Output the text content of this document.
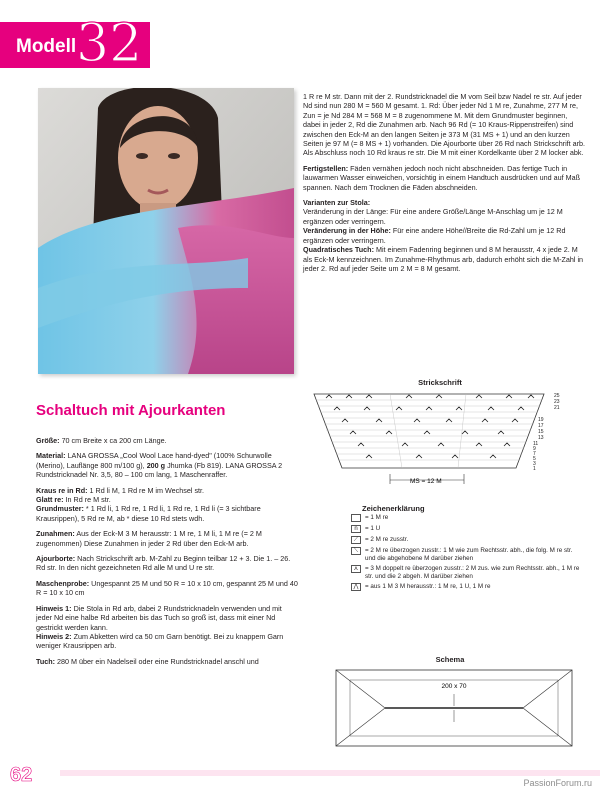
Modell 32

1 R re M str. Dann mit der 2. Rundstricknadel die M vom Seil bzw Nadel re str. Auf jeder Nd sind nun 280 M = 560 M gesamt. 1. Rd: Über jeder Nd 1 M re, Zunahme, 277 M re, Zun = je Nd 284 M = 568 M = 8 zugenommene M. Mit dem Grundmuster beginnen, dabei in jeder 2, Rd die Zunahmen arb. Nach 96 Rd (= 10 Kraus-Rippenstreifen) sind zwischen den Eck-M an den langen Seiten je 373 M (31 MS + 1) und an den kurzen Seiten je 97 M (= 8 MS + 1) vorhanden. Die Ajourborte über 26 Rd nach Strickschrift arb. Als Abschluss noch 10 Rd kraus re str. Die M mit einer Kordelkante über 2 M locker abk.

Fertigstellen: Fäden vernähen jedoch noch nicht abschneiden. Das fertige Tuch in lauwarmen Wasser einweichen, vorsichtig in einem Handtuch ausdrücken und auf Maß spannen. Nach dem Trocknen die Fäden abschneiden.

Varianten zur Stola:
Veränderung in der Länge: Für eine andere Größe/Länge M-Anschlag um je 12 M ergänzen oder verringern.
Veränderung in der Höhe: Für eine andere Höhe//Breite die Rd-Zahl um je 12 Rd ergänzen oder verringern.
Quadratisches Tuch: Mit einem Fadenring beginnen und 8 M herausstr, 4 x jede 2. M als Eck-M kennzeichnen. Im Zunahme-Rhythmus arb, dadurch erhöht sich die M-Zahl in jeder 2. Rd auf jeder Seite um 2 M = 8 M gesamt.
Strickschrift
MS = 12 M
25
23
21
19
17
15
13
11
9
7
5
3
1
Zeichenerklärung
= 1 M re
n	= 1 U
⟋	= 2 M re zusstr.
⟍	= 2 M re überzogen zusstr.: 1 M wie zum Rechtsstr. abh., die folg. M re str. und die abgehobene M darüber ziehen
⋏	= 3 M doppelt re überzogen zusstr.: 2 M zus. wie zum Rechtsstr. abh., 1 M re str. und die 2 abgeh. M darüber ziehen
⋀	= aus 1 M 3 M herausstr.: 1 M re, 1 U, 1 M re
Schema
200 x 70
Schaltuch mit Ajourkanten

Größe: 70 cm Breite x ca 200 cm Länge.

Material: LANA GROSSA „Cool Wool Lace hand-dyed" (100% Schurwolle (Merino), Lauflänge 800 m/100 g), 200 g Jhumka (Fb 819). LANA GROSSA 2 Rundstricknadel Nr. 3,5, 80 – 100 cm lang, 1 Maschenraffer.

Kraus re in Rd: 1 Rd li M, 1 Rd re M im Wechsel str.
Glatt re: In Rd re M str.
Grundmuster: * 1 Rd li, 1 Rd re, 1 Rd li, 1 Rd re, 1 Rd li (= 3 sichtbare Krausrippen), 5 Rd re M, ab * diese 10 Rd stets wdh.

Zunahmen: Aus der Eck-M 3 M herausstr: 1 M re, 1 M li, 1 M re (= 2 M zugenommen) Diese Zunahmen in jeder 2 Rd über den Eck-M arb.

Ajourborte: Nach Strickschrift arb. M-Zahl zu Beginn teilbar 12 + 3. Die 1. – 26. Rd str. In den nicht gezeichneten Rd alle M und U re str.

Maschenprobe: Ungespannt 25 M und 50 R = 10 x 10 cm, gespannt 25 M und 40 R = 10 x 10 cm

Hinweis 1: Die Stola in Rd arb, dabei 2 Rundstricknadeln verwenden und mit jeder Nd eine halbe Rd arbeiten bis das Tuch so groß ist, dass mit einer Nd gestrickt werden kann.
Hinweis 2: Zum Abketten wird ca 50 cm Garn benötigt. Bei zu knappem Garn weniger Krausrippen arb.

Tuch: 280 M über ein Nadelseil oder eine Rundstricknadel anschl und

62	PassionForum.ru
